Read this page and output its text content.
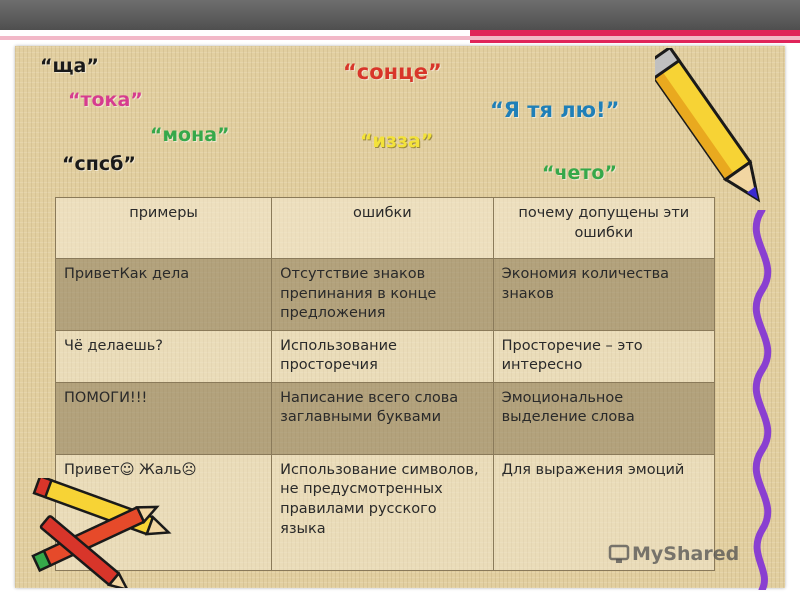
“ща”
“тока”
“мона”
“спсб”
“сонце”
“изза”
“Я тя лю!”
“чето”
примеры	ошибки	почему допущены эти ошибки
ПриветКак дела	Отсутствие знаков препинания в конце предложения	Экономия количества знаков
Чё делаешь?	Использование просторечия	Просторечие – это интересно
ПОМОГИ!!!	Написание всего слова заглавными буквами	Эмоциональное выделение слова
Привет☺ Жаль☹	Использование символов, не предусмотренных правилами русского языка	Для выражения эмоций
MyShared
